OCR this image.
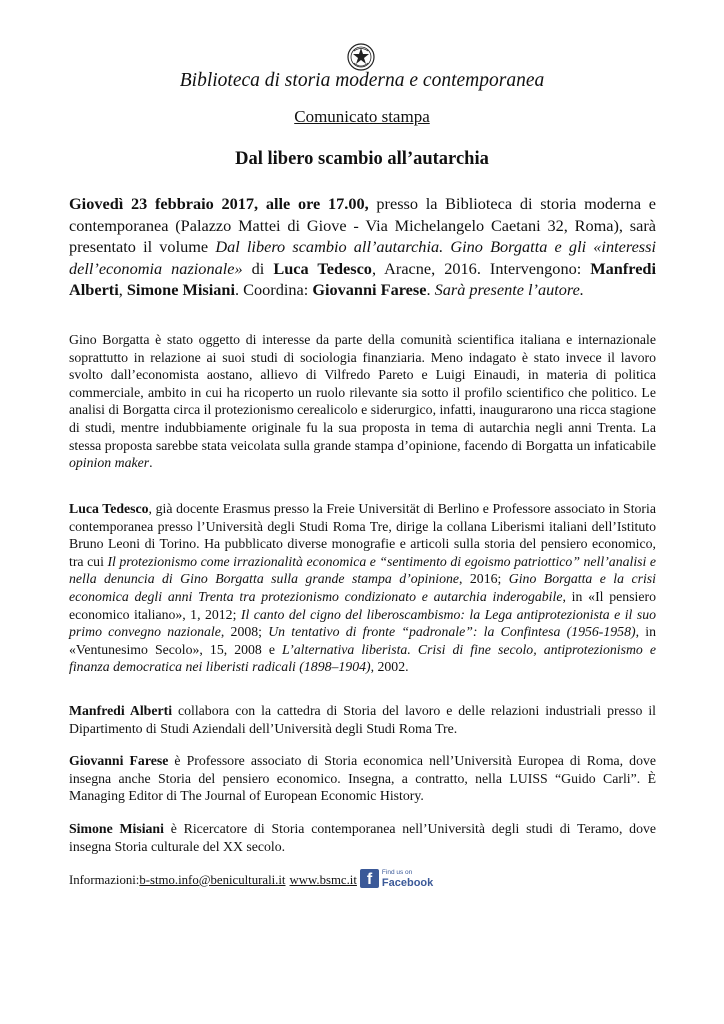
Biblioteca di storia moderna e contemporanea
Comunicato stampa
Dal libero scambio all’autarchia
Giovedì 23 febbraio 2017, alle ore 17.00, presso la Biblioteca di storia moderna e contemporanea (Palazzo Mattei di Giove - Via Michelangelo Caetani 32, Roma), sarà presentato il volume Dal libero scambio all’autarchia. Gino Borgatta e gli «interessi dell’economia nazionale» di Luca Tedesco, Aracne, 2016. Intervengono: Manfredi Alberti, Simone Misiani. Coordina: Giovanni Farese. Sarà presente l’autore.
Gino Borgatta è stato oggetto di interesse da parte della comunità scientifica italiana e internazionale soprattutto in relazione ai suoi studi di sociologia finanziaria. Meno indagato è stato invece il lavoro svolto dall’economista aostano, allievo di Vilfredo Pareto e Luigi Einaudi, in materia di politica commerciale, ambito in cui ha ricoperto un ruolo rilevante sia sotto il profilo scientifico che politico. Le analisi di Borgatta circa il protezionismo cerealicolo e siderurgico, infatti, inaugurarono una ricca stagione di studi, mentre indubbiamente originale fu la sua proposta in tema di autarchia negli anni Trenta. La stessa proposta sarebbe stata veicolata sulla grande stampa d’opinione, facendo di Borgatta un infaticabile opinion maker.
Luca Tedesco, già docente Erasmus presso la Freie Universität di Berlino e Professore associato in Storia contemporanea presso l’Università degli Studi Roma Tre, dirige la collana Liberismi italiani dell’Istituto Bruno Leoni di Torino. Ha pubblicato diverse monografie e articoli sulla storia del pensiero economico, tra cui Il protezionismo come irrazionalità economica e “sentimento di egoismo patriottico” nell’analisi e nella denuncia di Gino Borgatta sulla grande stampa d’opinione, 2016; Gino Borgatta e la crisi economica degli anni Trenta tra protezionismo condizionato e autarchia inderogabile, in «Il pensiero economico italiano», 1, 2012; Il canto del cigno del liberoscambismo: la Lega antiprotezionista e il suo primo convegno nazionale, 2008; Un tentativo di fronte “padronale”: la Confintesa (1956-1958), in «Ventunesimo Secolo», 15, 2008 e L’alternativa liberista. Crisi di fine secolo, antiprotezionismo e finanza democratica nei liberisti radicali (1898–1904), 2002.
Manfredi Alberti collabora con la cattedra di Storia del lavoro e delle relazioni industriali presso il Dipartimento di Studi Aziendali dell’Università degli Studi Roma Tre.
Giovanni Farese è Professore associato di Storia economica nell’Università Europea di Roma, dove insegna anche Storia del pensiero economico. Insegna, a contratto, nella LUISS “Guido Carli”. È Managing Editor di The Journal of European Economic History.
Simone Misiani è Ricercatore di Storia contemporanea nell’Università degli studi di Teramo, dove insegna Storia culturale del XX secolo.
Informazioni: b-stmo.info@beniculturali.it www.bsmc.it f Find us on
Facebook
